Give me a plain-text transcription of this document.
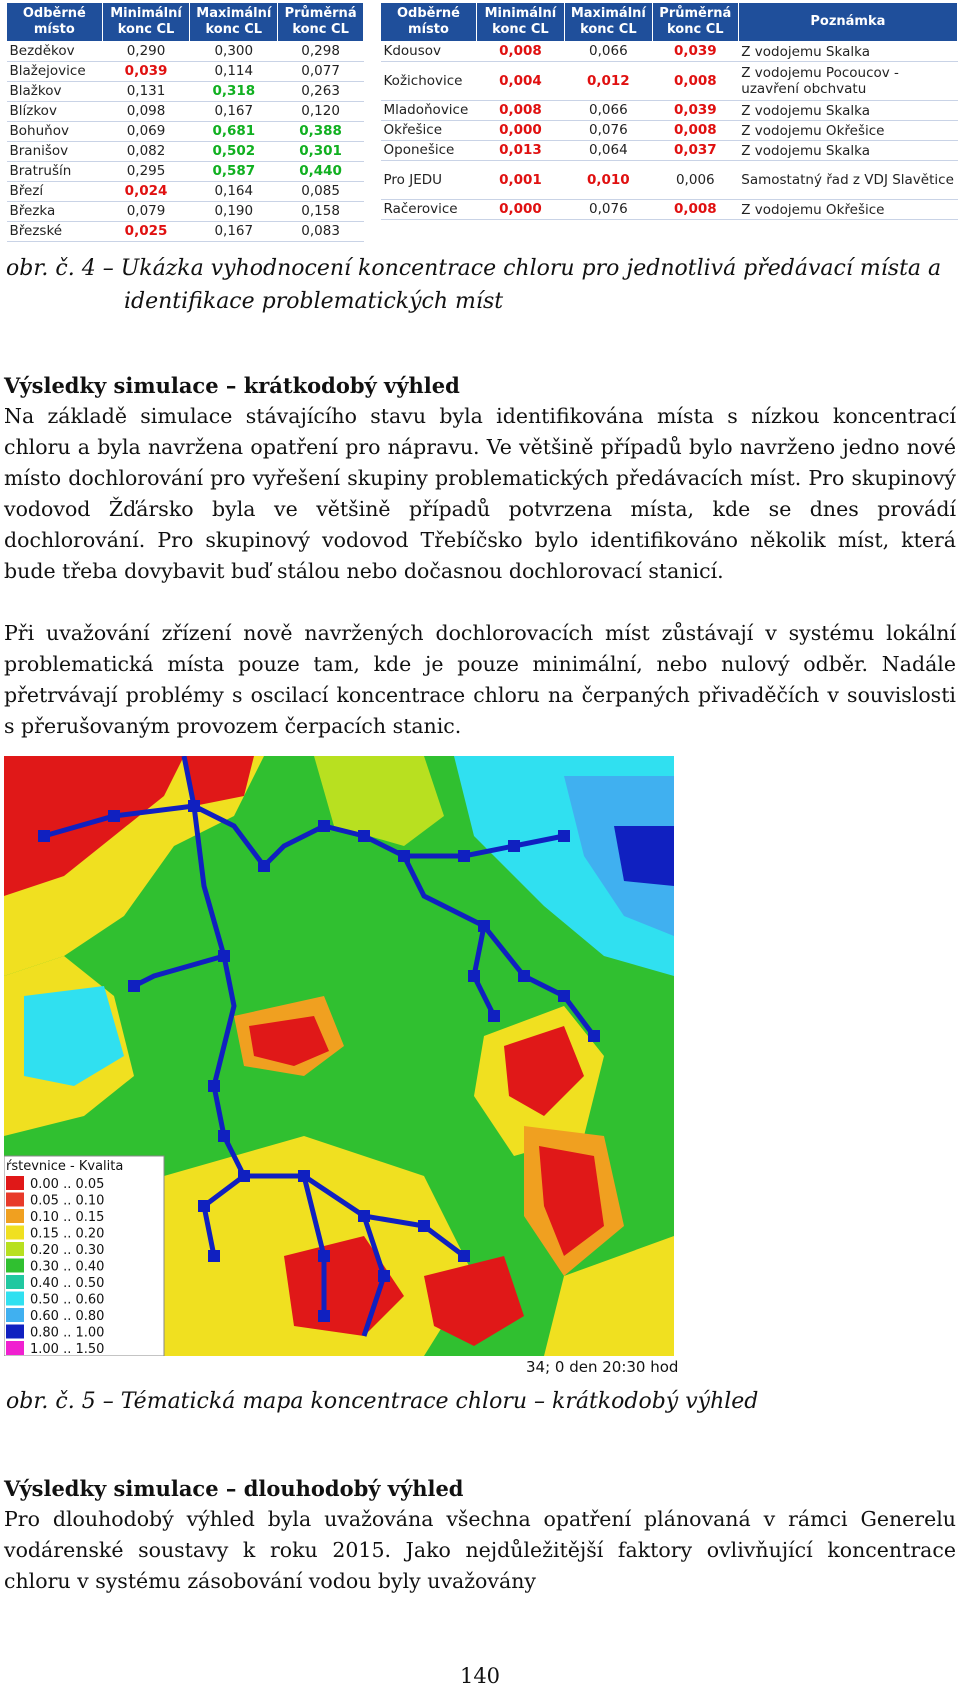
Odběrné místo	Minimální konc CL	Maximální konc CL	Průměrná konc CL
Bezděkov	0,290	0,300	0,298
Blažejovice	0,039	0,114	0,077
Blažkov	0,131	0,318	0,263
Blízkov	0,098	0,167	0,120
Bohuňov	0,069	0,681	0,388
Branišov	0,082	0,502	0,301
Bratrušín	0,295	0,587	0,440
Březí	0,024	0,164	0,085
Březka	0,079	0,190	0,158
Březské	0,025	0,167	0,083
Odběrné místo	Minimální konc CL	Maximální konc CL	Průměrná konc CL	Poznámka
Kdousov	0,008	0,066	0,039	Z vodojemu Skalka
Kožichovice	0,004	0,012	0,008	Z vodojemu Pocoucov - uzavření obchvatu
Mladoňovice	0,008	0,066	0,039	Z vodojemu Skalka
Okřešice	0,000	0,076	0,008	Z vodojemu Okřešice
Oponešice	0,013	0,064	0,037	Z vodojemu Skalka
Pro JEDU	0,001	0,010	0,006	Samostatný řad z VDJ Slavětice
Račerovice	0,000	0,076	0,008	Z vodojemu Okřešice
obr. č. 4 – Ukázka vyhodnocení koncentrace chloru pro jednotlivá předávací místa a
identifikace problematických míst
Výsledky simulace – krátkodobý výhled

Na základě simulace stávajícího stavu byla identifikována místa s nízkou koncentrací chloru a byla navržena opatření pro nápravu. Ve většině případů bylo navrženo jedno nové místo dochlorování pro vyřešení skupiny problematických předávacích míst. Pro skupinový vodovod Žďársko byla ve většině případů potvrzena místa, kde se dnes provádí dochlorování. Pro skupinový vodovod Třebíčsko bylo identifikováno několik míst, která bude třeba dovybavit buď stálou nebo dočasnou dochlorovací stanicí.

Při uvažování zřízení nově navržených dochlorovacích míst zůstávají v systému lokální problematická místa pouze tam, kde je pouze minimální, nebo nulový odběr. Nadále přetrvávají problémy s oscilací koncentrace chloru na čerpaných přivaděčích v souvislosti s přerušovaným provozem čerpacích stanic.

ŕstevnice - Kvalita
0.00 .. 0.05
0.05 .. 0.10
0.10 .. 0.15
0.15 .. 0.20
0.20 .. 0.30
0.30 .. 0.40
0.40 .. 0.50
0.50 .. 0.60
0.60 .. 0.80
0.80 .. 1.00
1.00 .. 1.50
34; 0 den 20:30 hod
obr. č. 5 – Tématická mapa koncentrace chloru – krátkodobý výhled
Výsledky simulace – dlouhodobý výhled

Pro dlouhodobý výhled byla uvažována všechna opatření plánovaná v rámci Generelu vodárenské soustavy k roku 2015. Jako nejdůležitější faktory ovlivňující koncentrace chloru v systému zásobování vodou byly uvažovány

140
